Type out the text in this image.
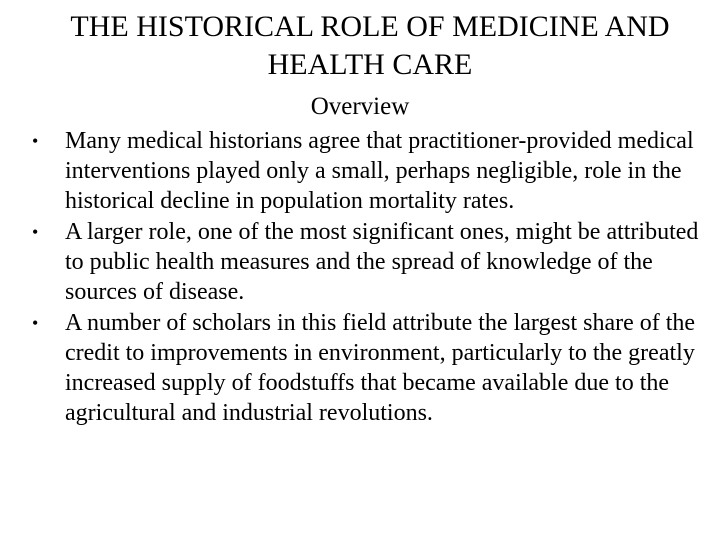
THE HISTORICAL ROLE OF MEDICINE AND HEALTH CARE

Overview

• Many medical historians agree that practitioner-provided medical interventions played only a small, perhaps negligible, role in the historical decline in population mortality rates.
• A larger role, one of the most significant ones, might be attributed to public health measures and the spread of knowledge of the sources of disease.
• A number of scholars in this field attribute the largest share of the credit to improvements in environment, particularly to the greatly increased supply of foodstuffs that became available due to the agricultural and industrial revolutions.
